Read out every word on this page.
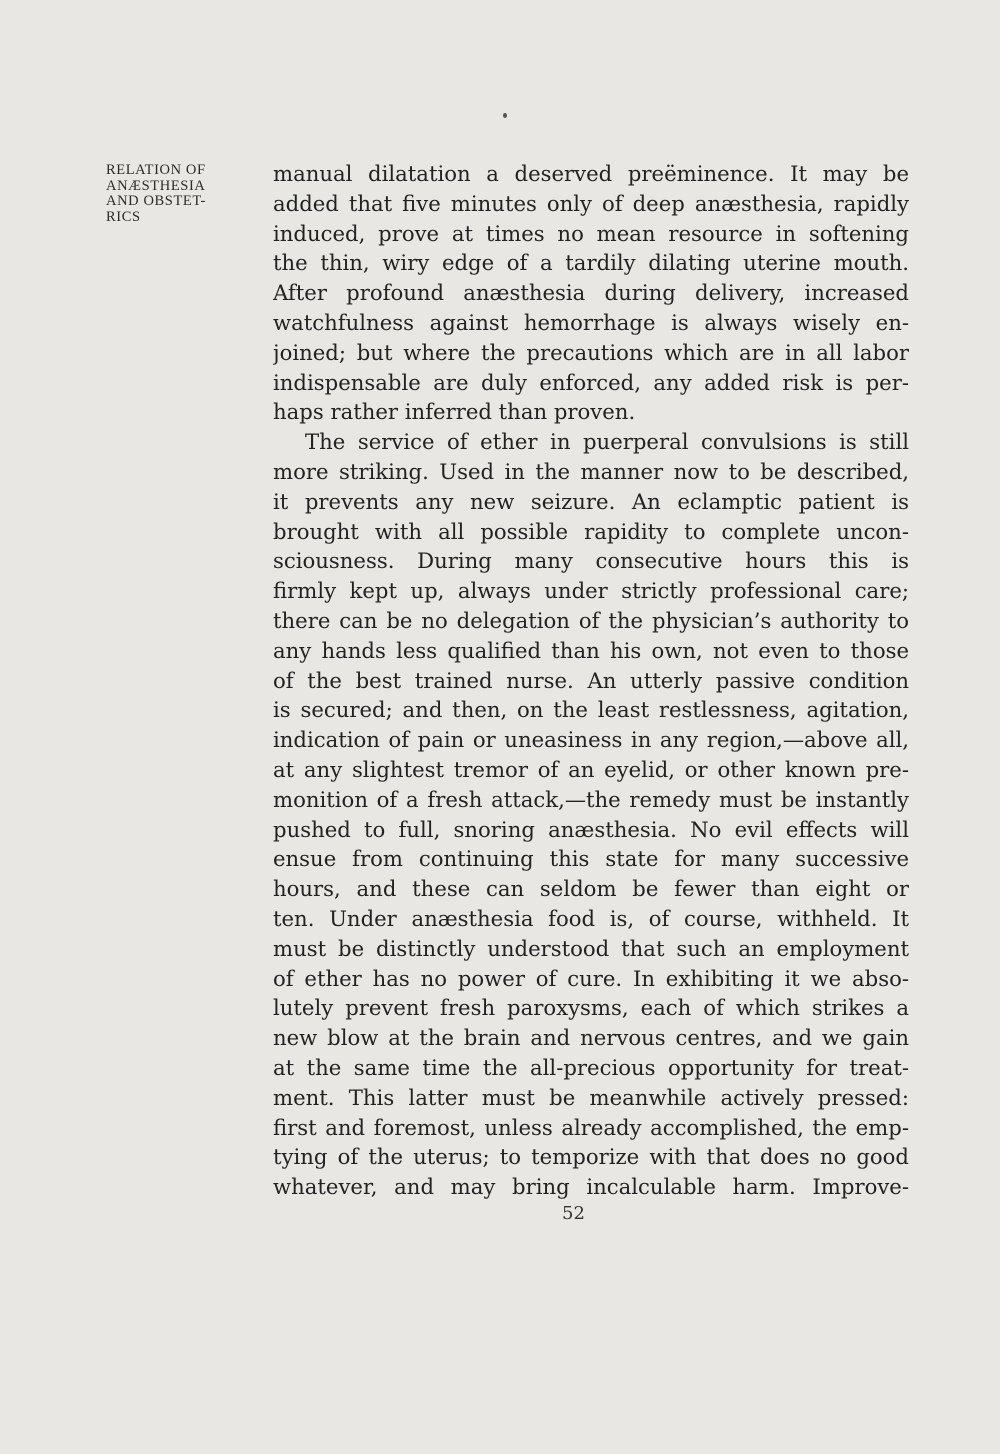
RELATION OF
ANÆSTHESIA
AND OBSTET-
RICS
manual dilatation a deserved preëminence. It may be
added that five minutes only of deep anæsthesia, rapidly
induced, prove at times no mean resource in softening
the thin, wiry edge of a tardily dilating uterine mouth.
After profound anæsthesia during delivery, increased
watchfulness against hemorrhage is always wisely en-
joined; but where the precautions which are in all labor
indispensable are duly enforced, any added risk is per-
haps rather inferred than proven.
The service of ether in puerperal convulsions is still
more striking. Used in the manner now to be described,
it prevents any new seizure. An eclamptic patient is
brought with all possible rapidity to complete uncon-
sciousness. During many consecutive hours this is
firmly kept up, always under strictly professional care;
there can be no delegation of the physician’s authority to
any hands less qualified than his own, not even to those
of the best trained nurse. An utterly passive condition
is secured; and then, on the least restlessness, agitation,
indication of pain or uneasiness in any region,—above all,
at any slightest tremor of an eyelid, or other known pre-
monition of a fresh attack,—the remedy must be instantly
pushed to full, snoring anæsthesia. No evil effects will
ensue from continuing this state for many successive
hours, and these can seldom be fewer than eight or
ten. Under anæsthesia food is, of course, withheld. It
must be distinctly understood that such an employment
of ether has no power of cure. In exhibiting it we abso-
lutely prevent fresh paroxysms, each of which strikes a
new blow at the brain and nervous centres, and we gain
at the same time the all-precious opportunity for treat-
ment. This latter must be meanwhile actively pressed:
first and foremost, unless already accomplished, the emp-
tying of the uterus; to temporize with that does no good
whatever, and may bring incalculable harm. Improve-
52
